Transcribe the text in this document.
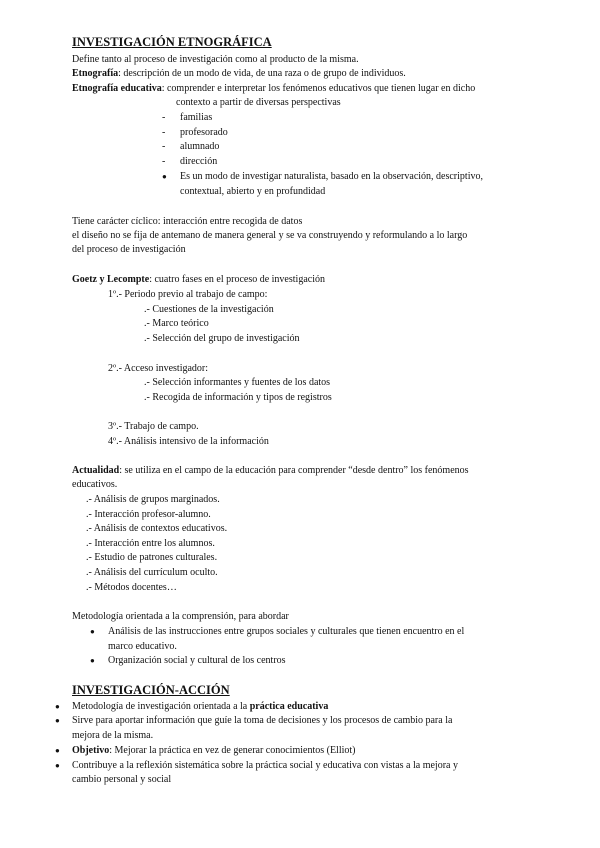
INVESTIGACIÓN ETNOGRÁFICA
Define tanto al proceso de investigación como al producto de la misma.
Etnografía: descripción de un modo de vida, de una raza o de grupo de individuos.
Etnografía educativa: comprender e interpretar los fenómenos educativos que tienen lugar en dicho
contexto a partir de diversas perspectivas
- familias
- profesorado
- alumnado
- dirección
● Es un modo de investigar naturalista, basado en la observación, descriptivo,
contextual, abierto y en profundidad
Tiene carácter cíclico: interacción entre recogida de datos
el diseño no se fija de antemano de manera general y se va construyendo y reformulando a lo largo
del proceso de investigación
Goetz y Lecompte: cuatro fases en el proceso de investigación
1º.- Periodo previo al trabajo de campo:
.- Cuestiones de la investigación
.- Marco teórico
.- Selección del grupo de investigación
2º.- Acceso investigador:
.- Selección informantes y fuentes de los datos
.- Recogida de información y tipos de registros
3º.- Trabajo de campo.
4º.- Análisis intensivo de la información
Actualidad: se utiliza en el campo de la educación para comprender “desde dentro” los fenómenos
educativos.
.- Análisis de grupos marginados.
.- Interacción profesor-alumno.
.- Análisis de contextos educativos.
.- Interacción entre los alumnos.
.- Estudio de patrones culturales.
.- Análisis del currículum oculto.
.- Métodos docentes…
Metodología orientada a la comprensión, para abordar
● Análisis de las instrucciones entre grupos sociales y culturales que tienen encuentro en el
marco educativo.
● Organización social y cultural de los centros
INVESTIGACIÓN-ACCIÓN
● Metodología de investigación orientada a la práctica educativa
● Sirve para aportar información que guíe la toma de decisiones y los procesos de cambio para la
mejora de la misma.
● Objetivo: Mejorar la práctica en vez de generar conocimientos (Elliot)
● Contribuye a la reflexión sistemática sobre la práctica social y educativa con vistas a la mejora y
cambio personal y social
